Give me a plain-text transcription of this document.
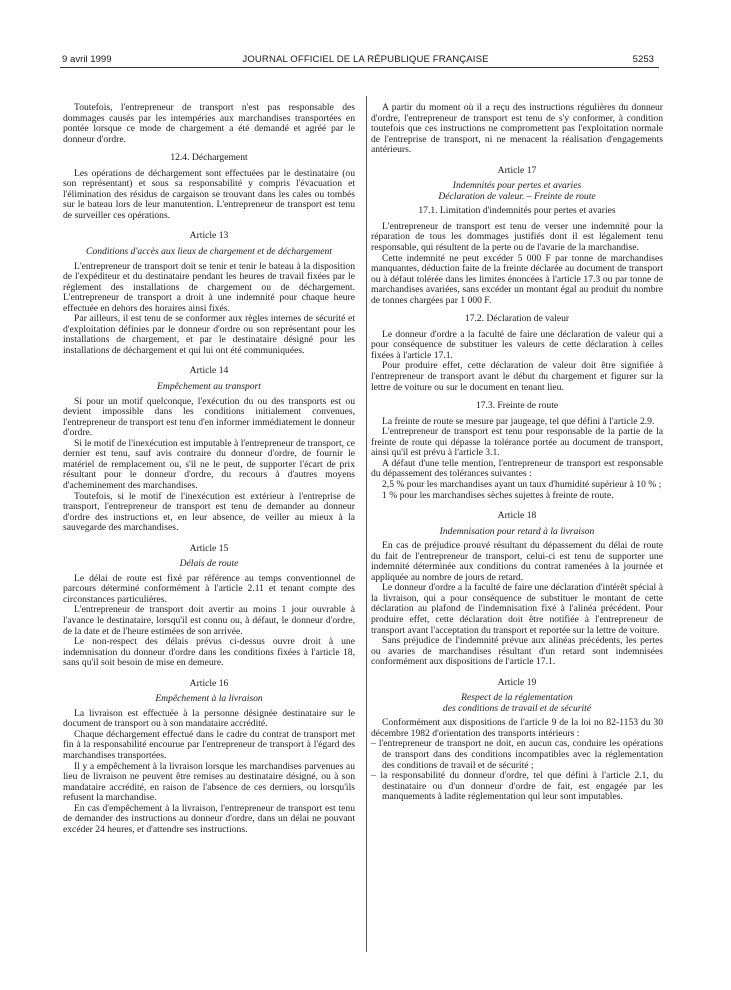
9 avril 1999	JOURNAL OFFICIEL DE LA RÉPUBLIQUE FRANÇAISE	5253

Toutefois, l'entrepreneur de transport n'est pas responsable des dommages causés par les intempéries aux marchandises transportées en pontée lorsque ce mode de chargement a été demandé et agréé par le donneur d'ordre.

12.4. Déchargement

Les opérations de déchargement sont effectuées par le destinataire (ou son représentant) et sous sa responsabilité y compris l'évacuation et l'élimination des résidus de cargaison se trouvant dans les cales ou tombés sur le bateau lors de leur manutention. L'entrepreneur de transport est tenu de surveiller ces opérations.

Article 13
Conditions d'accès aux lieux de chargement et de déchargement

L'entrepreneur de transport doit se tenir et tenir le bateau à la disposition de l'expéditeur et du destinataire pendant les heures de travail fixées par le règlement des installations de chargement ou de déchargement. L'entrepreneur de transport a droit à une indemnité pour chaque heure effectuée en dehors des horaires ainsi fixés.

Par ailleurs, il est tenu de se conformer aux règles internes de sécurité et d'exploitation définies par le donneur d'ordre ou son représentant pour les installations de chargement, et par le destinataire désigné pour les installations de déchargement et qui lui ont été communiquées.

Article 14
Empêchement au transport

Si pour un motif quelconque, l'exécution du ou des transports est ou devient impossible dans les conditions initialement convenues, l'entrepreneur de transport est tenu d'en informer immédiatement le donneur d'ordre.

Si le motif de l'inexécution est imputable à l'entrepreneur de transport, ce dernier est tenu, sauf avis contraire du donneur d'ordre, de fournir le matériel de remplacement ou, s'il ne le peut, de supporter l'écart de prix résultant pour le donneur d'ordre, du recours à d'autres moyens d'acheminement des marchandises.

Toutefois, si le motif de l'inexécution est extérieur à l'entreprise de transport, l'entrepreneur de transport est tenu de demander au donneur d'ordre des instructions et, en leur absence, de veiller au mieux à la sauvegarde des marchandises.

Article 15
Délais de route

Le délai de route est fixé par référence au temps conventionnel de parcours déterminé conformément à l'article 2.11 et tenant compte des circonstances particulières.

L'entrepreneur de transport doit avertir au moins 1 jour ouvrable à l'avance le destinataire, lorsqu'il est connu ou, à défaut, le donneur d'ordre, de la date et de l'heure estimées de son arrivée.

Le non-respect des délais prévus ci-dessus ouvre droit à une indemnisation du donneur d'ordre dans les conditions fixées à l'article 18, sans qu'il soit besoin de mise en demeure.

Article 16
Empêchement à la livraison

La livraison est effectuée à la personne désignée destinataire sur le document de transport ou à son mandataire accrédité.

Chaque déchargement effectué dans le cadre du contrat de transport met fin à la responsabilité encourue par l'entrepreneur de transport à l'égard des marchandises transportées.

Il y a empêchement à la livraison lorsque les marchandises parvenues au lieu de livraison ne peuvent être remises au destinataire désigné, ou à son mandataire accrédité, en raison de l'absence de ces derniers, ou lorsqu'ils refusent la marchandise.

En cas d'empêchement à la livraison, l'entrepreneur de transport est tenu de demander des instructions au donneur d'ordre, dans un délai ne pouvant excéder 24 heures, et d'attendre ses instructions.

A partir du moment où il a reçu des instructions régulières du donneur d'ordre, l'entrepreneur de transport est tenu de s'y conformer, à condition toutefois que ces instructions ne compromettent pas l'exploitation normale de l'entreprise de transport, ni ne menacent la réalisation d'engagements antérieurs.

Article 17
Indemnités pour pertes et avaries
Déclaration de valeur. – Freinte de route
17.1. Limitation d'indemnités pour pertes et avaries

L'entrepreneur de transport est tenu de verser une indemnité pour la réparation de tous les dommages justifiés dont il est légalement tenu responsable, qui résultent de la perte ou de l'avarie de la marchandise.

Cette indemnité ne peut excéder 5 000 F par tonne de marchandises manquantes, déduction faite de la freinte déclarée au document de transport ou à défaut tolérée dans les limites énoncées à l'article 17.3 ou par tonne de marchandises avariées, sans excéder un montant égal au produit du nombre de tonnes chargées par 1 000 F.

17.2. Déclaration de valeur

Le donneur d'ordre a la faculté de faire une déclaration de valeur qui a pour conséquence de substituer les valeurs de cette déclaration à celles fixées à l'article 17.1.

Pour produire effet, cette déclaration de valeur doit être signifiée à l'entrepreneur de transport avant le début du chargement et figurer sur la lettre de voiture ou sur le document en tenant lieu.

17.3. Freinte de route

La freinte de route se mesure par jaugeage, tel que défini à l'article 2.9.

L'entrepreneur de transport est tenu pour responsable de la partie de la freinte de route qui dépasse la tolérance portée au document de transport, ainsi qu'il est prévu à l'article 3.1.

A défaut d'une telle mention, l'entrepreneur de transport est responsable du dépassement des tolérances suivantes :

2,5 % pour les marchandises ayant un taux d'humidité supérieur à 10 % ;

1 % pour les marchandises sèches sujettes à freinte de route.

Article 18
Indemnisation pour retard à la livraison

En cas de préjudice prouvé résultant du dépassement du délai de route du fait de l'entrepreneur de transport, celui-ci est tenu de supporter une indemnité déterminée aux conditions du contrat ramenées à la journée et appliquée au nombre de jours de retard.

Le donneur d'ordre a la faculté de faire une déclaration d'intérêt spécial à la livraison, qui a pour conséquence de substituer le montant de cette déclaration au plafond de l'indemnisation fixé à l'alinéa précédent. Pour produire effet, cette déclaration doit être notifiée à l'entrepreneur de transport avant l'acceptation du transport et reportée sur la lettre de voiture.

Sans préjudice de l'indemnité prévue aux alinéas précédents, les pertes ou avaries de marchandises résultant d'un retard sont indemnisées conformément aux dispositions de l'article 17.1.

Article 19
Respect de la réglementation
des conditions de travail et de sécurité

Conformément aux dispositions de l'article 9 de la loi no 82-1153 du 30 décembre 1982 d'orientation des transports intérieurs :

– l'entrepreneur de transport ne doit, en aucun cas, conduire les opérations de transport dans des conditions incompatibles avec la réglementation des conditions de travail et de sécurité ;
– la responsabilité du donneur d'ordre, tel que défini à l'article 2.1, du destinataire ou d'un donneur d'ordre de fait, est engagée par les manquements à ladite réglementation qui leur sont imputables.
